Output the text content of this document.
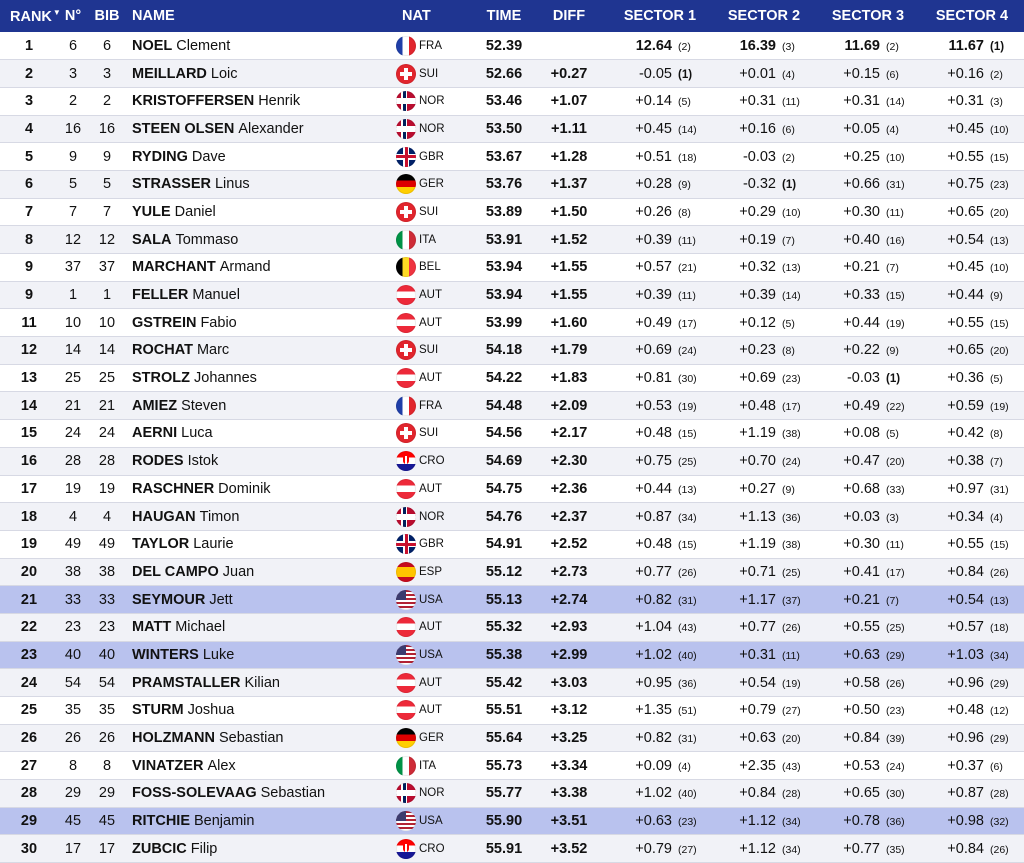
RANK▼	N°	BIB	NAME	NAT	TIME	DIFF	SECTOR 1	SECTOR 2	SECTOR 3	SECTOR 4
1	6	6	NOEL Clement	FRA	52.39		12.64 (2)	16.39 (3)	11.69 (2)	11.67 (1)
2	3	3	MEILLARD Loic	SUI	52.66	+0.27	-0.05 (1)	+0.01 (4)	+0.15 (6)	+0.16 (2)
3	2	2	KRISTOFFERSEN Henrik	NOR	53.46	+1.07	+0.14 (5)	+0.31 (11)	+0.31 (14)	+0.31 (3)
4	16	16	STEEN OLSEN Alexander	NOR	53.50	+1.11	+0.45 (14)	+0.16 (6)	+0.05 (4)	+0.45 (10)
5	9	9	RYDING Dave	GBR	53.67	+1.28	+0.51 (18)	-0.03 (2)	+0.25 (10)	+0.55 (15)
6	5	5	STRASSER Linus	GER	53.76	+1.37	+0.28 (9)	-0.32 (1)	+0.66 (31)	+0.75 (23)
7	7	7	YULE Daniel	SUI	53.89	+1.50	+0.26 (8)	+0.29 (10)	+0.30 (11)	+0.65 (20)
8	12	12	SALA Tommaso	ITA	53.91	+1.52	+0.39 (11)	+0.19 (7)	+0.40 (16)	+0.54 (13)
9	37	37	MARCHANT Armand	BEL	53.94	+1.55	+0.57 (21)	+0.32 (13)	+0.21 (7)	+0.45 (10)
9	1	1	FELLER Manuel	AUT	53.94	+1.55	+0.39 (11)	+0.39 (14)	+0.33 (15)	+0.44 (9)
11	10	10	GSTREIN Fabio	AUT	53.99	+1.60	+0.49 (17)	+0.12 (5)	+0.44 (19)	+0.55 (15)
12	14	14	ROCHAT Marc	SUI	54.18	+1.79	+0.69 (24)	+0.23 (8)	+0.22 (9)	+0.65 (20)
13	25	25	STROLZ Johannes	AUT	54.22	+1.83	+0.81 (30)	+0.69 (23)	-0.03 (1)	+0.36 (5)
14	21	21	AMIEZ Steven	FRA	54.48	+2.09	+0.53 (19)	+0.48 (17)	+0.49 (22)	+0.59 (19)
15	24	24	AERNI Luca	SUI	54.56	+2.17	+0.48 (15)	+1.19 (38)	+0.08 (5)	+0.42 (8)
16	28	28	RODES Istok	CRO	54.69	+2.30	+0.75 (25)	+0.70 (24)	+0.47 (20)	+0.38 (7)
17	19	19	RASCHNER Dominik	AUT	54.75	+2.36	+0.44 (13)	+0.27 (9)	+0.68 (33)	+0.97 (31)
18	4	4	HAUGAN Timon	NOR	54.76	+2.37	+0.87 (34)	+1.13 (36)	+0.03 (3)	+0.34 (4)
19	49	49	TAYLOR Laurie	GBR	54.91	+2.52	+0.48 (15)	+1.19 (38)	+0.30 (11)	+0.55 (15)
20	38	38	DEL CAMPO Juan	ESP	55.12	+2.73	+0.77 (26)	+0.71 (25)	+0.41 (17)	+0.84 (26)
21	33	33	SEYMOUR Jett	USA	55.13	+2.74	+0.82 (31)	+1.17 (37)	+0.21 (7)	+0.54 (13)
22	23	23	MATT Michael	AUT	55.32	+2.93	+1.04 (43)	+0.77 (26)	+0.55 (25)	+0.57 (18)
23	40	40	WINTERS Luke	USA	55.38	+2.99	+1.02 (40)	+0.31 (11)	+0.63 (29)	+1.03 (34)
24	54	54	PRAMSTALLER Kilian	AUT	55.42	+3.03	+0.95 (36)	+0.54 (19)	+0.58 (26)	+0.96 (29)
25	35	35	STURM Joshua	AUT	55.51	+3.12	+1.35 (51)	+0.79 (27)	+0.50 (23)	+0.48 (12)
26	26	26	HOLZMANN Sebastian	GER	55.64	+3.25	+0.82 (31)	+0.63 (20)	+0.84 (39)	+0.96 (29)
27	8	8	VINATZER Alex	ITA	55.73	+3.34	+0.09 (4)	+2.35 (43)	+0.53 (24)	+0.37 (6)
28	29	29	FOSS-SOLEVAAG Sebastian	NOR	55.77	+3.38	+1.02 (40)	+0.84 (28)	+0.65 (30)	+0.87 (28)
29	45	45	RITCHIE Benjamin	USA	55.90	+3.51	+0.63 (23)	+1.12 (34)	+0.78 (36)	+0.98 (32)
30	17	17	ZUBCIC Filip	CRO	55.91	+3.52	+0.79 (27)	+1.12 (34)	+0.77 (35)	+0.84 (26)
